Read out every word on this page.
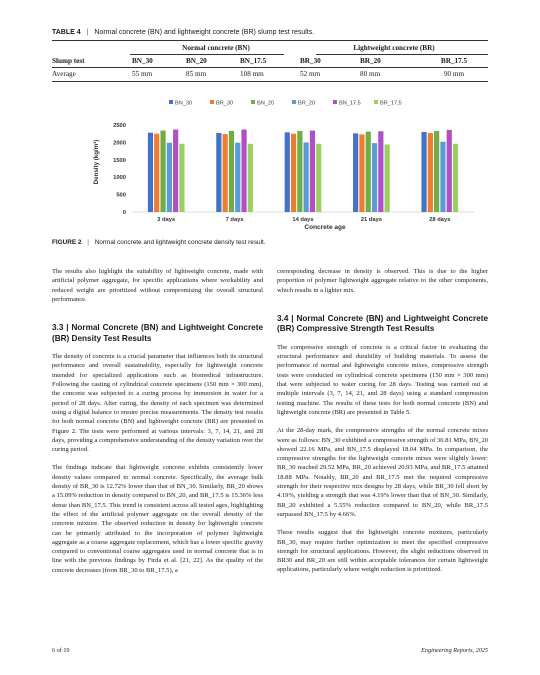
TABLE 4 | Normal concrete (BN) and lightweight concrete (BR) slump test results.
	Normal concrete (BN)			Lightweight concrete (BR)		
Slump test	BN_30	BN_20	BN_17.5	BR_30	BR_20	BR_17.5
Average	55 mm	85 mm	108 mm	52 mm	80 mm	90 mm
BN_30	BR_30	BN_20	BR_20	BN_17,5	BR_17,5
0
500
1000
1500
2000
2500
3 days	7 days	14 days	21 days	28 days
Density (kg/m³)
Concrete age
FIGURE 2 | Normal concrete and lightweight concrete density test result.

The results also highlight the suitability of lightweight concrete, made with artificial polymer aggregate, for specific applications where workability and reduced weight are prioritized without compromising the overall structural performance.

3.3 | Normal Concrete (BN) and Lightweight Concrete (BR) Density Test Results

The density of concrete is a crucial parameter that influences both its structural performance and overall sustainability, especially for lightweight concrete intended for specialized applications such as biomedical infrastructure. Following the casting of cylindrical concrete specimens (150 mm × 300 mm), the concrete was subjected to a curing process by immersion in water for a period of 28 days. After curing, the density of each specimen was determined using a digital balance to ensure precise measurements. The density test results for both normal concrete (BN) and lightweight concrete (BR) are presented in Figure 2. The tests were performed at various intervals: 3, 7, 14, 21, and 28 days, providing a comprehensive understanding of the density variation over the curing period.

The findings indicate that lightweight concrete exhibits consistently lower density values compared to normal concrete. Specifically, the average bulk density of BR_30 is 12.72% lower than that of BN_30. Similarly, BR_20 shows a 15.09% reduction in density compared to BN_20, and BR_17.5 is 15.36% less dense than BN_17.5. This trend is consistent across all tested ages, highlighting the effect of the artificial polymer aggregate on the overall density of the concrete mixture. The observed reduction in density for lightweight concrete can be primarily attributed to the incorporation of polymer lightweight aggregate as a coarse aggregate replacement, which has a lower specific gravity compared to conventional coarse aggregates used in normal concrete that is in line with the previous findings by Firda et al. [21, 22]. As the quality of the concrete decreases (from BR_30 to BR_17.5), a

corresponding decrease in density is observed. This is due to the higher proportion of polymer lightweight aggregate relative to the other components, which results in a lighter mix.

3.4 | Normal Concrete (BN) and Lightweight Concrete (BR) Compressive Strength Test Results

The compressive strength of concrete is a critical factor in evaluating the structural performance and durability of building materials. To assess the performance of normal and lightweight concrete mixes, compressive strength tests were conducted on cylindrical concrete specimens (150 mm × 300 mm) that were subjected to water curing for 28 days. Testing was carried out at multiple intervals (3, 7, 14, 21, and 28 days) using a standard compression testing machine. The results of these tests for both normal concrete (BN) and lightweight concrete (BR) are presented in Table 5.

At the 28-day mark, the compressive strengths of the normal concrete mixes were as follows: BN_30 exhibited a compressive strength of 30.81 MPa, BN_20 showed 22.16 MPa, and BN_17.5 displayed 18.04 MPa. In comparison, the compressive strengths for the lightweight concrete mixes were slightly lower: BR_30 reached 29.52 MPa, BR_20 achieved 20.93 MPa, and BR_17.5 attained 18.88 MPa. Notably, BR_20 and BR_17.5 met the required compressive strength for their respective mix designs by 28 days, while BR_30 fell short by 4.19%, yielding a strength that was 4.19% lower than that of BN_30. Similarly, BR_20 exhibited a 5.55% reduction compared to BN_20, while BR_17.5 surpassed BN_17.5 by 4.66%.

These results suggest that the lightweight concrete mixtures, particularly BR_30, may require further optimization to meet the specified compressive strength for structural applications. However, the slight reductions observed in BR30 and BR_20 are still within acceptable tolerances for certain lightweight applications, particularly where weight reduction is prioritized.

6 of 19	Engineering Reports, 2025
